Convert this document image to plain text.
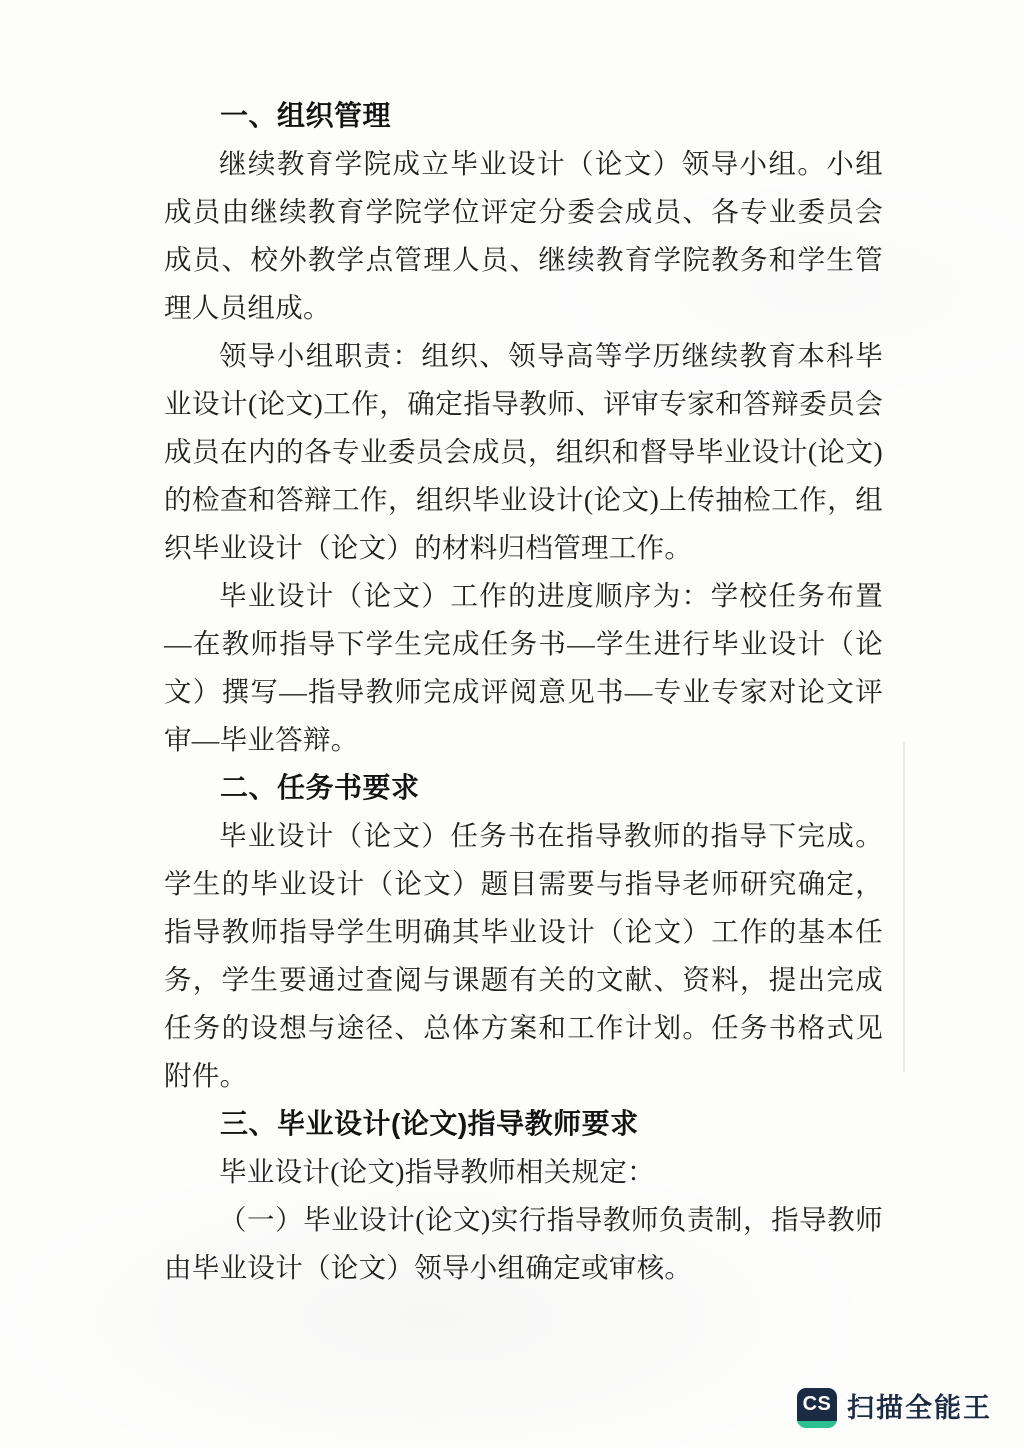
一、组织管理

继续教育学院成立毕业设计（论文）领导小组。小组成员由继续教育学院学位评定分委会成员、各专业委员会成员、校外教学点管理人员、继续教育学院教务和学生管理人员组成。

领导小组职责：组织、领导高等学历继续教育本科毕业设计(论文)工作，确定指导教师、评审专家和答辩委员会成员在内的各专业委员会成员，组织和督导毕业设计(论文)的检查和答辩工作，组织毕业设计(论文)上传抽检工作，组织毕业设计（论文）的材料归档管理工作。

毕业设计（论文）工作的进度顺序为：学校任务布置—在教师指导下学生完成任务书—学生进行毕业设计（论文）撰写—指导教师完成评阅意见书—专业专家对论文评审—毕业答辩。

二、任务书要求

毕业设计（论文）任务书在指导教师的指导下完成。学生的毕业设计（论文）题目需要与指导老师研究确定，指导教师指导学生明确其毕业设计（论文）工作的基本任务，学生要通过查阅与课题有关的文献、资料，提出完成任务的设想与途径、总体方案和工作计划。任务书格式见附件。

三、毕业设计(论文)指导教师要求

毕业设计(论文)指导教师相关规定：

（一）毕业设计(论文)实行指导教师负责制，指导教师由毕业设计（论文）领导小组确定或审核。

CS 扫描全能王
